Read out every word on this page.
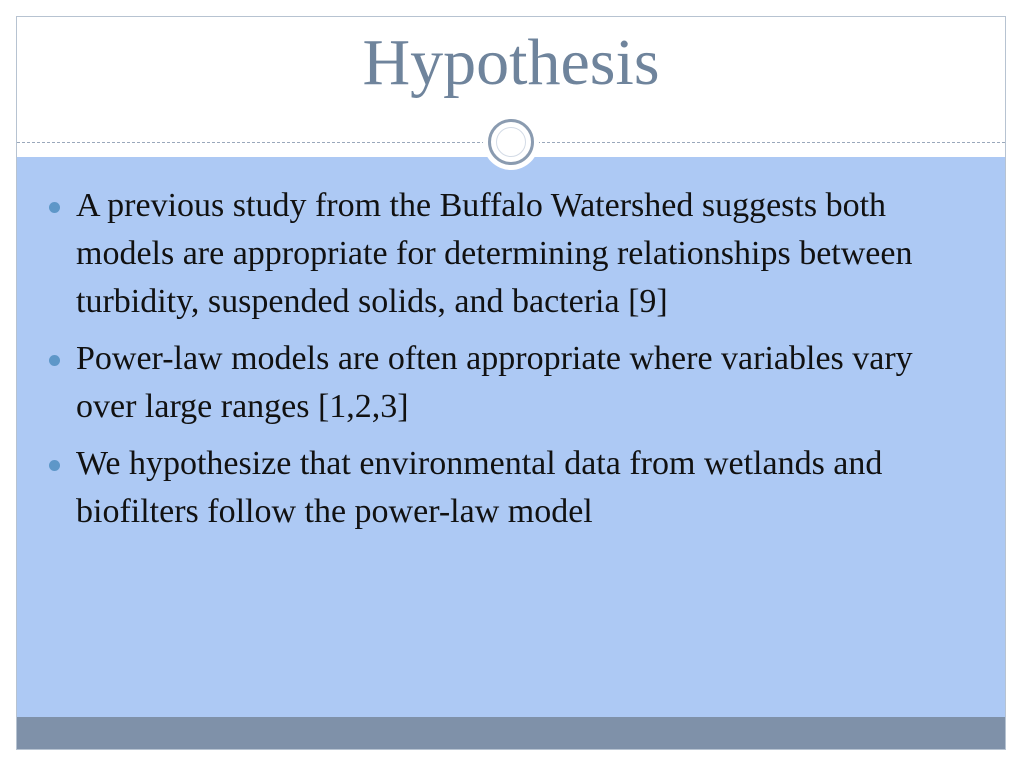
Hypothesis
A previous study from the Buffalo Watershed suggests both models are appropriate for determining relationships between turbidity, suspended solids, and bacteria [9]
Power-law models are often appropriate where variables vary over large ranges [1,2,3]
We hypothesize that environmental data from wetlands and biofilters follow the power-law model
